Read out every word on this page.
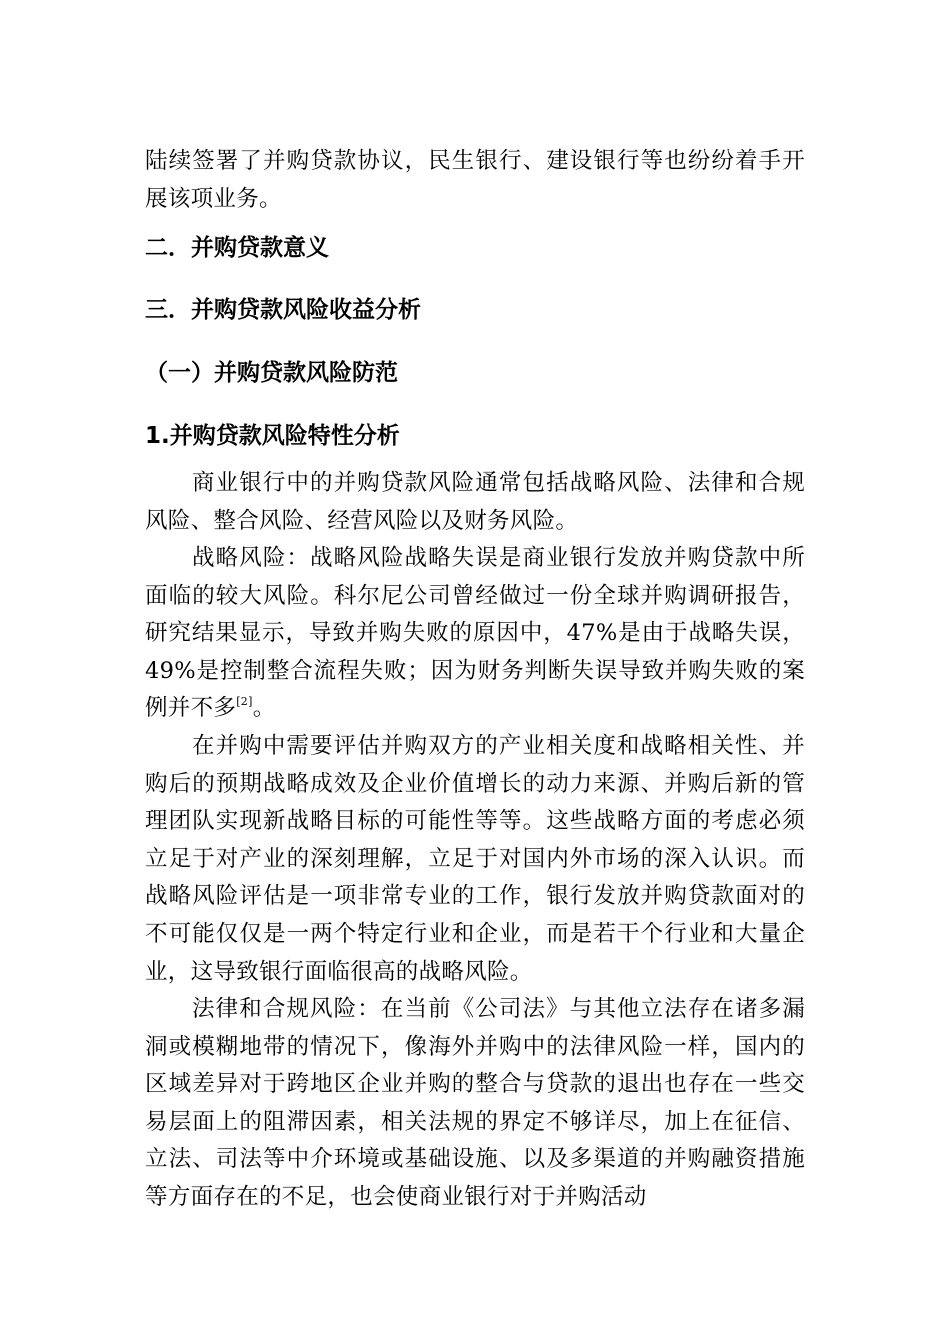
陆续签署了并购贷款协议，民生银行、建设银行等也纷纷着手开展该项业务。

二．并购贷款意义
三．并购贷款风险收益分析
（一）并购贷款风险防范
1.并购贷款风险特性分析

商业银行中的并购贷款风险通常包括战略风险、法律和合规风险、整合风险、经营风险以及财务风险。

战略风险：战略风险战略失误是商业银行发放并购贷款中所面临的较大风险。科尔尼公司曾经做过一份全球并购调研报告，研究结果显示，导致并购失败的原因中，47%是由于战略失误，49%是控制整合流程失败；因为财务判断失误导致并购失败的案例并不多[2]。

在并购中需要评估并购双方的产业相关度和战略相关性、并购后的预期战略成效及企业价值增长的动力来源、并购后新的管理团队实现新战略目标的可能性等等。这些战略方面的考虑必须立足于对产业的深刻理解，立足于对国内外市场的深入认识。而战略风险评估是一项非常专业的工作，银行发放并购贷款面对的不可能仅仅是一两个特定行业和企业，而是若干个行业和大量企业，这导致银行面临很高的战略风险。

法律和合规风险：在当前《公司法》与其他立法存在诸多漏洞或模糊地带的情况下，像海外并购中的法律风险一样，国内的区域差异对于跨地区企业并购的整合与贷款的退出也存在一些交易层面上的阻滞因素，相关法规的界定不够详尽，加上在征信、立法、司法等中介环境或基础设施、以及多渠道的并购融资措施等方面存在的不足，也会使商业银行对于并购活动
